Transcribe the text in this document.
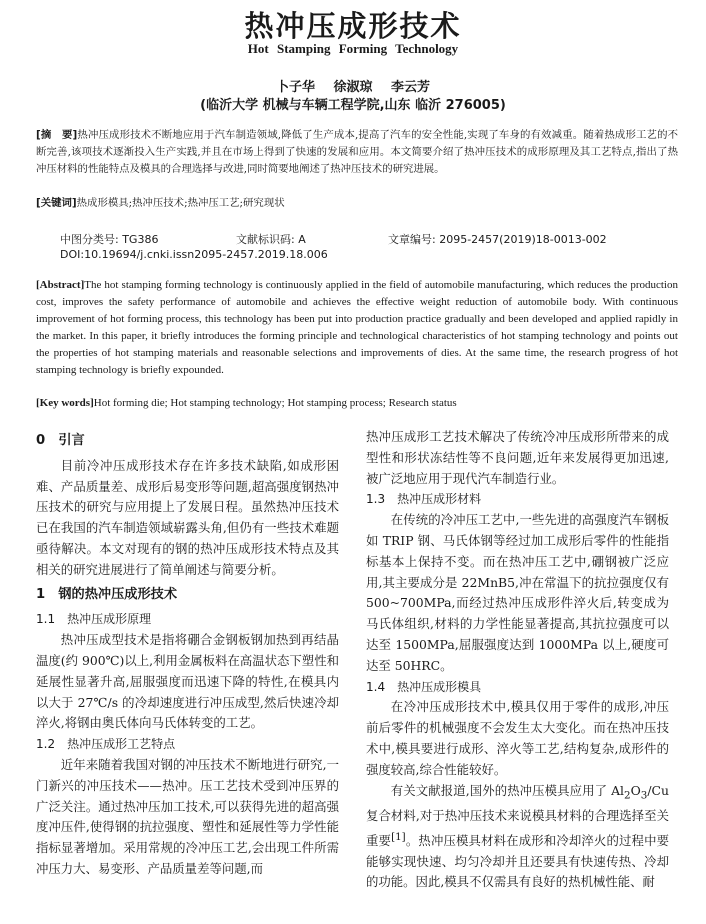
热冲压成形技术
Hot Stamping Forming Technology
卜子华 徐淑琼 李云芳
(临沂大学 机械与车辆工程学院,山东 临沂 276005)
[摘　要]热冲压成形技术不断地应用于汽车制造领域,降低了生产成本,提高了汽车的安全性能,实现了车身的有效减重。随着热成形工艺的不断完善,该项技术逐渐投入生产实践,并且在市场上得到了快速的发展和应用。本文简要介绍了热冲压技术的成形原理及其工艺特点,指出了热冲压材料的性能特点及模具的合理选择与改进,同时简要地阐述了热冲压技术的研究进展。
[关键词]热成形模具;热冲压技术;热冲压工艺;研究现状
中图分类号: TG386	文献标识码: A	文章编号: 2095-2457(2019)18-0013-002
DOI:10.19694/j.cnki.issn2095-2457.2019.18.006
[Abstract]The hot stamping forming technology is continuously applied in the field of automobile manufacturing, which reduces the production cost, improves the safety performance of automobile and achieves the effective weight reduction of automobile body. With continuous improvement of hot forming process, this technology has been put into production practice gradually and been developed and applied rapidly in the market. In this paper, it briefly introduces the forming principle and technological characteristics of hot stamping technology and points out the properties of hot stamping materials and reasonable selections and improvements of dies. At the same time, the research progress of hot stamping technology is briefly expounded.
[Key words]Hot forming die; Hot stamping technology; Hot stamping process; Research status
0　引言

目前冷冲压成形技术存在许多技术缺陷,如成形困难、产品质量差、成形后易变形等问题,超高强度钢热冲压技术的研究与应用提上了发展日程。虽然热冲压技术已在我国的汽车制造领域崭露头角,但仍有一些技术难题亟待解决。本文对现有的钢的热冲压成形技术特点及其相关的研究进展进行了简单阐述与简要分析。

1　钢的热冲压成形技术
1.1　热冲压成形原理

热冲压成型技术是指将硼合金钢板钢加热到再结晶温度(约 900℃)以上,利用金属板料在高温状态下塑性和延展性显著升高,屈服强度而迅速下降的特性,在模具内以大于 27℃/s 的冷却速度进行冲压成型,然后快速冷却淬火,将钢由奥氏体向马氏体转变的工艺。

1.2　热冲压成形工艺特点

近年来随着我国对钢的冲压技术不断地进行研究,一门新兴的冲压技术——热冲。压工艺技术受到冲压界的广泛关注。通过热冲压加工技术,可以获得先进的超高强度冲压件,使得钢的抗拉强度、塑性和延展性等力学性能指标显著增加。采用常规的冷冲压工艺,会出现工件所需冲压力大、易变形、产品质量差等问题,而

热冲压成形工艺技术解决了传统冷冲压成形所带来的成型性和形状冻结性等不良问题,近年来发展得更加迅速,被广泛地应用于现代汽车制造行业。

1.3　热冲压成形材料

在传统的冷冲压工艺中,一些先进的高强度汽车钢板如 TRIP 钢、马氏体钢等经过加工成形后零件的性能指标基本上保持不变。而在热冲压工艺中,硼钢被广泛应用,其主要成分是 22MnB5,冲在常温下的抗拉强度仅有 500~700MPa,而经过热冲压成形件淬火后,转变成为马氏体组织,材料的力学性能显著提高,其抗拉强度可以达至 1500MPa,屈服强度达到 1000MPa 以上,硬度可达至 50HRC。

1.4　热冲压成形模具

在冷冲压成形技术中,模具仅用于零件的成形,冲压前后零件的机械强度不会发生太大变化。而在热冲压技术中,模具要进行成形、淬火等工艺,结构复杂,成形件的强度较高,综合性能较好。

有关文献报道,国外的热冲压模具应用了 $Al_2O_3/Cu$ 复合材料,对于热冲压技术来说模具材料的合理选择至关重要[1]。热冲压模具材料在成形和冷却淬火的过程中要能够实现快速、均匀冷却并且还要具有快速传热、冷却的功能。因此,模具不仅需具有良好的热机械性能、耐
